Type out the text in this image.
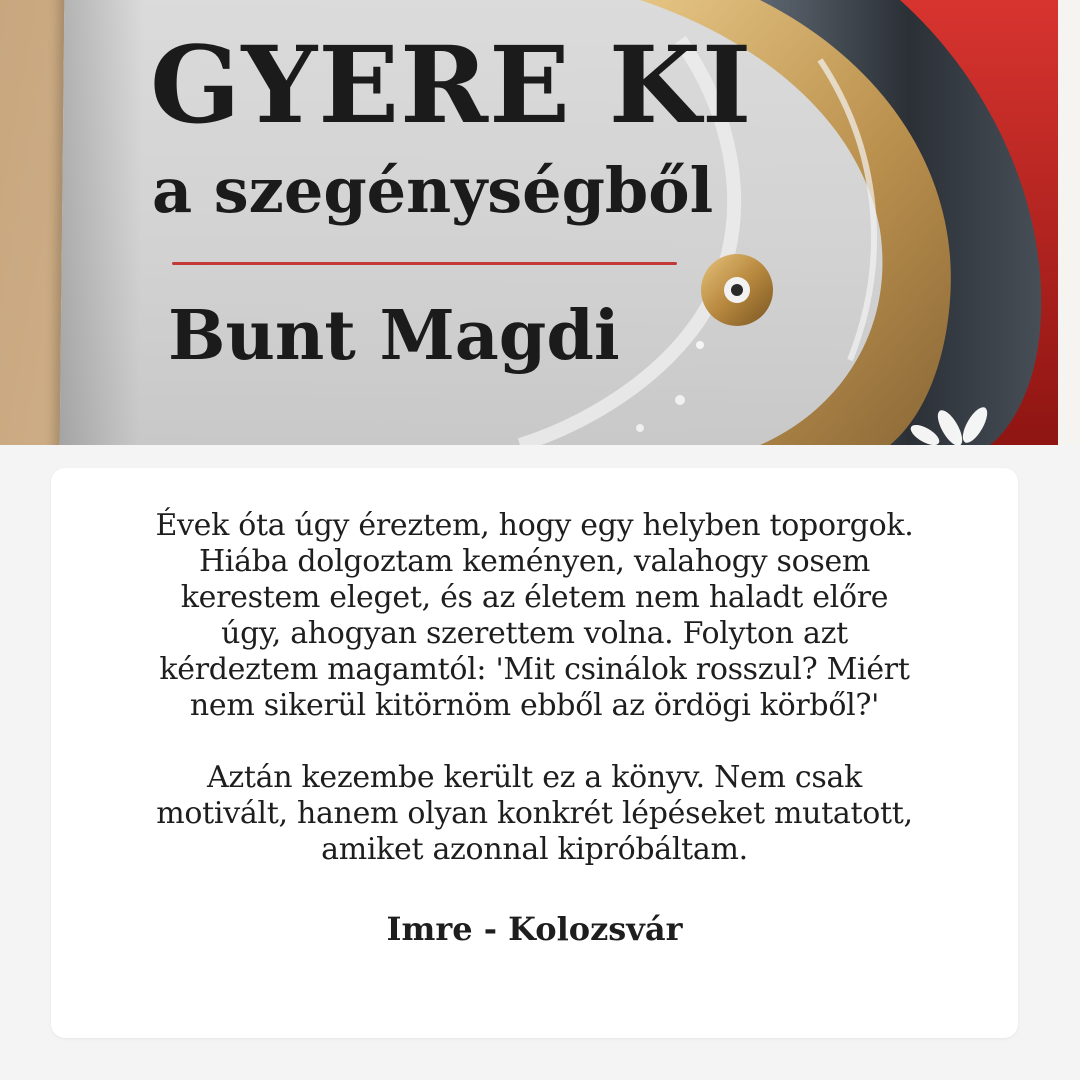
GYERE KI
a szegénységből

Bunt Magdi

Évek óta úgy éreztem, hogy egy helyben toporgok.
Hiába dolgoztam keményen, valahogy sosem
kerestem eleget, és az életem nem haladt előre
úgy, ahogyan szerettem volna. Folyton azt
kérdeztem magamtól: 'Mit csinálok rosszul? Miért
nem sikerül kitörnöm ebből az ördögi körből?'

Aztán kezembe került ez a könyv. Nem csak
motivált, hanem olyan konkrét lépéseket mutatott,
amiket azonnal kipróbáltam.

Imre - Kolozsvár
